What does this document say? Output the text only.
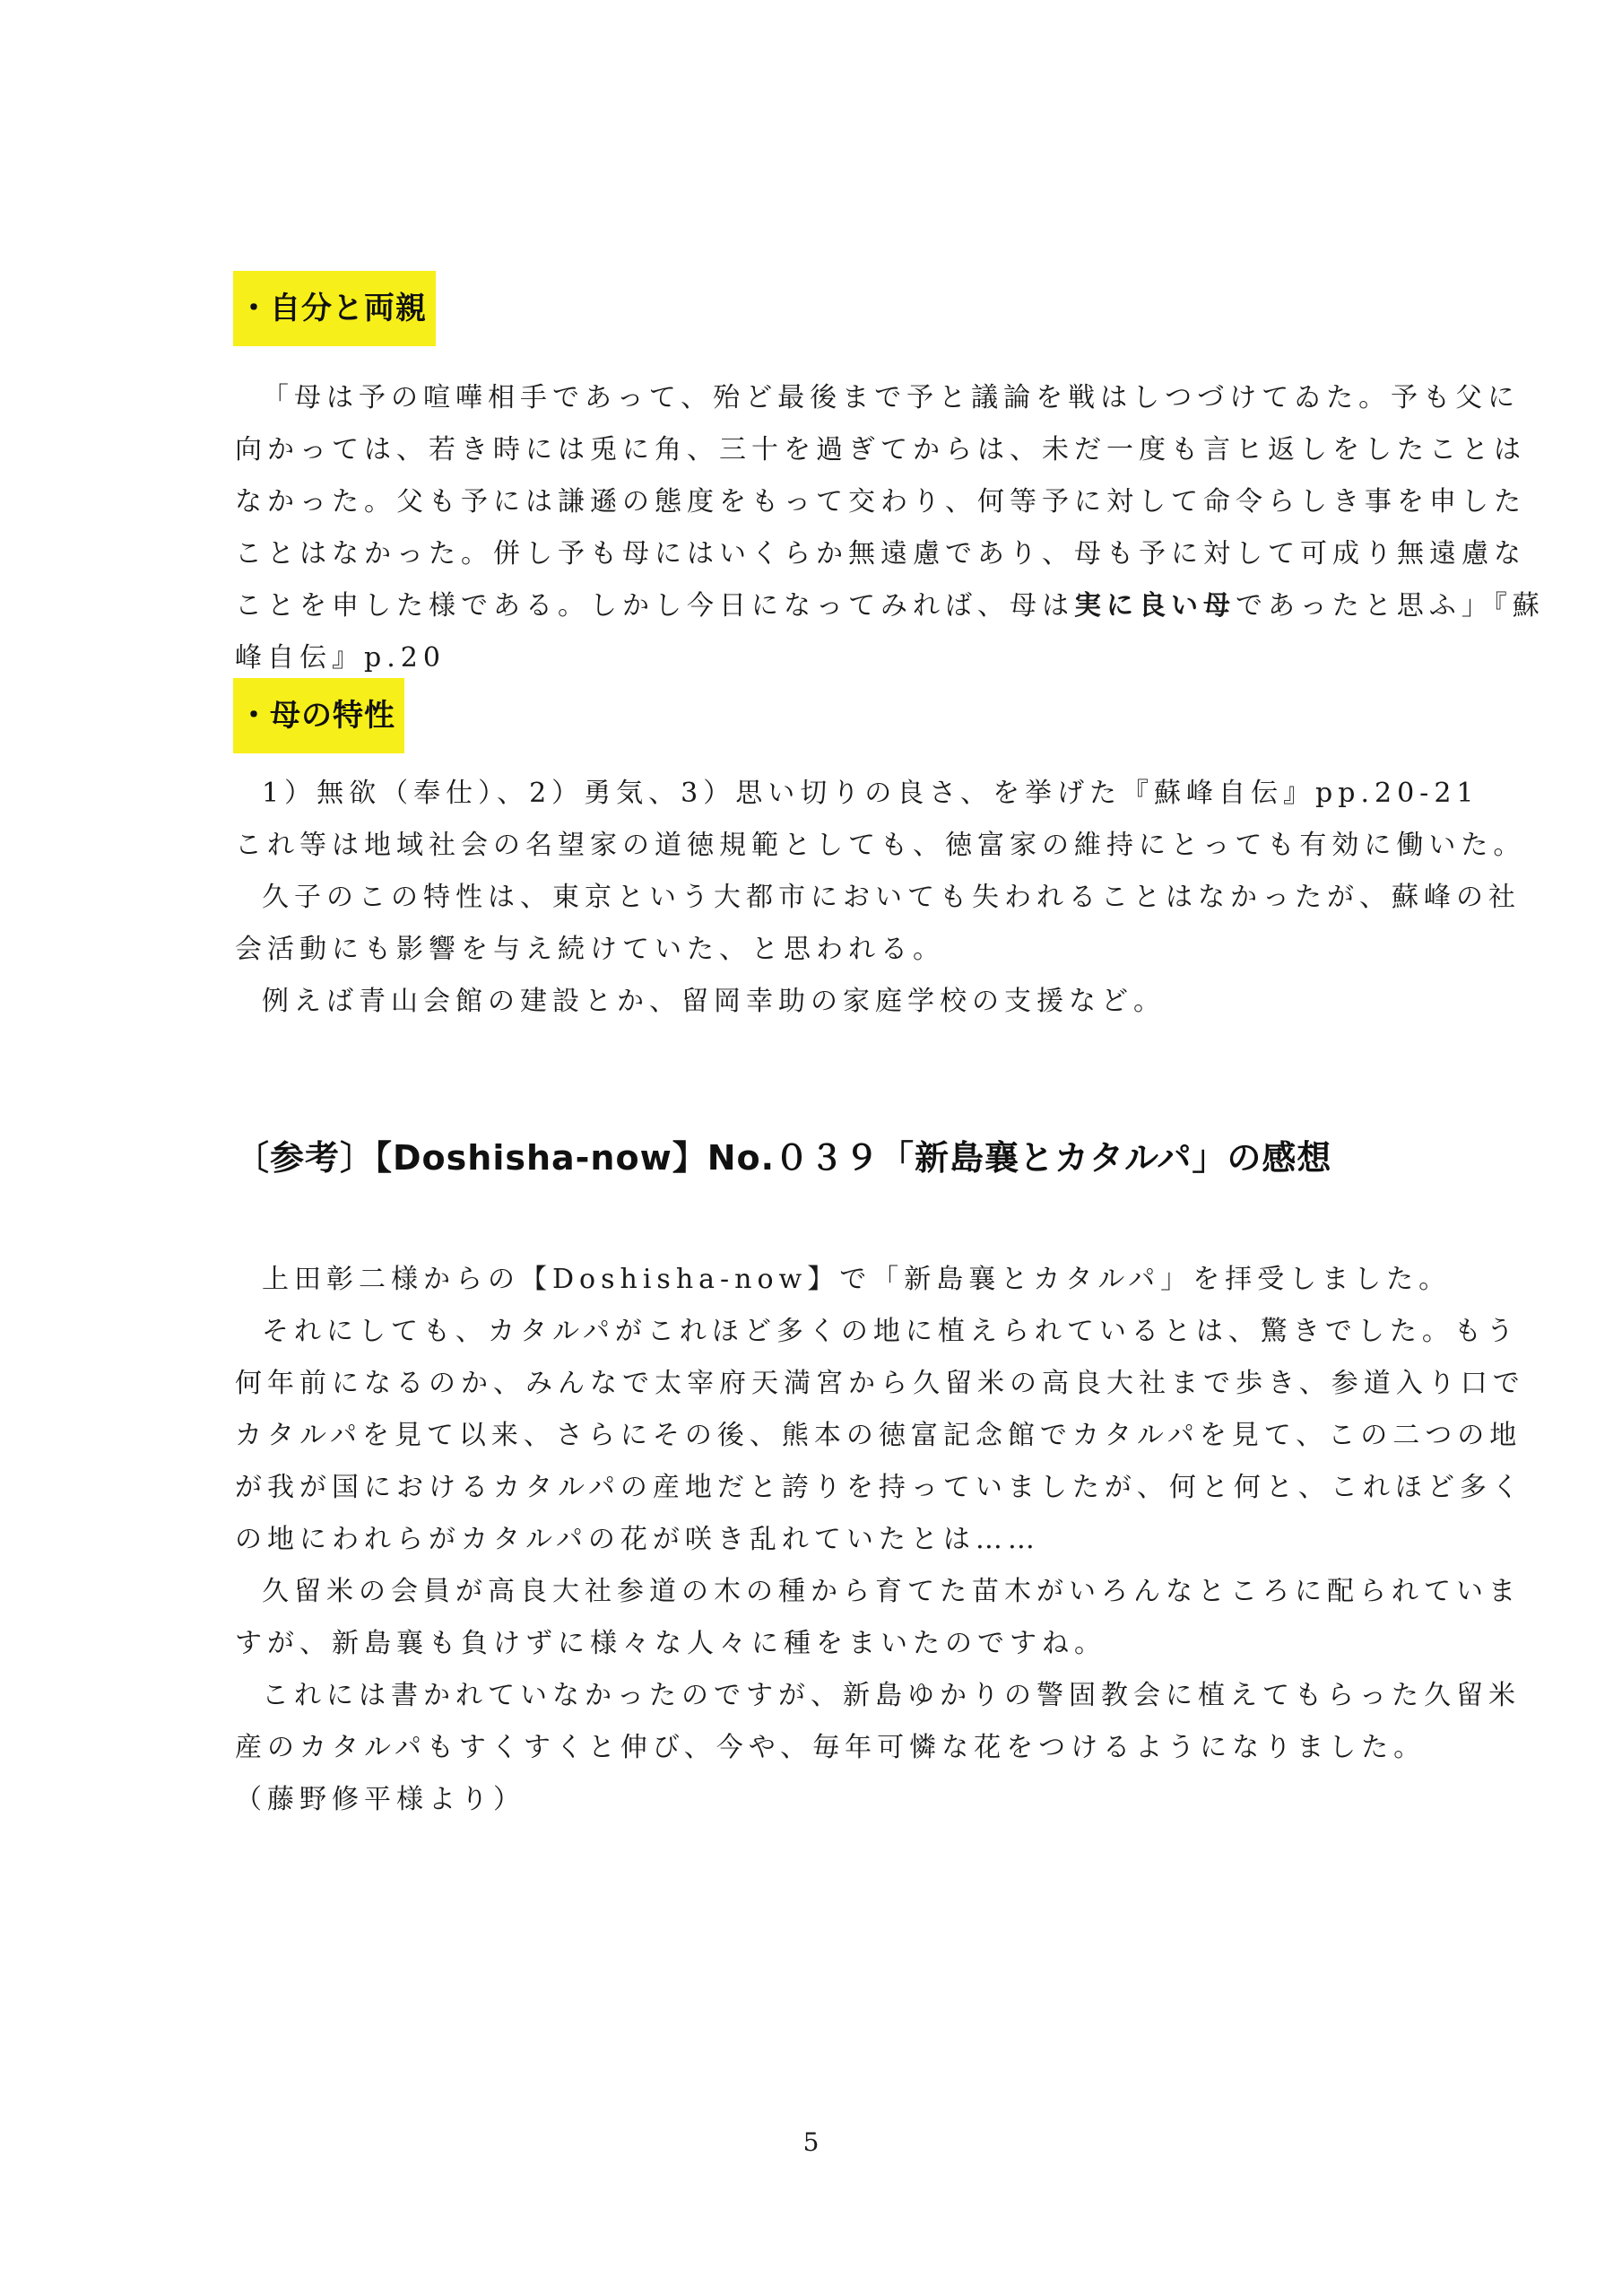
・自分と両親

「母は予の喧嘩相手であって、殆ど最後まで予と議論を戦はしつづけてゐた。予も父に

向かっては、若き時には兎に角、三十を過ぎてからは、未だ一度も言ヒ返しをしたことは

なかった。父も予には謙遜の態度をもって交わり、何等予に対して命令らしき事を申した

ことはなかった。併し予も母にはいくらか無遠慮であり、母も予に対して可成り無遠慮な

ことを申した様である。しかし今日になってみれば、母は実に良い母であったと思ふ」『蘇

峰自伝』p.20

・母の特性

1）無欲（奉仕）、2）勇気、3）思い切りの良さ、を挙げた『蘇峰自伝』pp.20-21

これ等は地域社会の名望家の道徳規範としても、徳富家の維持にとっても有効に働いた。

久子のこの特性は、東京という大都市においても失われることはなかったが、蘇峰の社

会活動にも影響を与え続けていた、と思われる。

例えば青山会館の建設とか、留岡幸助の家庭学校の支援など。

〔参考〕【Doshisha-now】No.０３９「新島襄とカタルパ」の感想

上田彰二様からの【Doshisha-now】で「新島襄とカタルパ」を拝受しました。

それにしても、カタルパがこれほど多くの地に植えられているとは、驚きでした。もう

何年前になるのか、みんなで太宰府天満宮から久留米の高良大社まで歩き、参道入り口で

カタルパを見て以来、さらにその後、熊本の徳富記念館でカタルパを見て、この二つの地

が我が国におけるカタルパの産地だと誇りを持っていましたが、何と何と、これほど多く

の地にわれらがカタルパの花が咲き乱れていたとは……

久留米の会員が高良大社参道の木の種から育てた苗木がいろんなところに配られていま

すが、新島襄も負けずに様々な人々に種をまいたのですね。

これには書かれていなかったのですが、新島ゆかりの警固教会に植えてもらった久留米

産のカタルパもすくすくと伸び、今や、毎年可憐な花をつけるようになりました。

（藤野修平様より）

5
